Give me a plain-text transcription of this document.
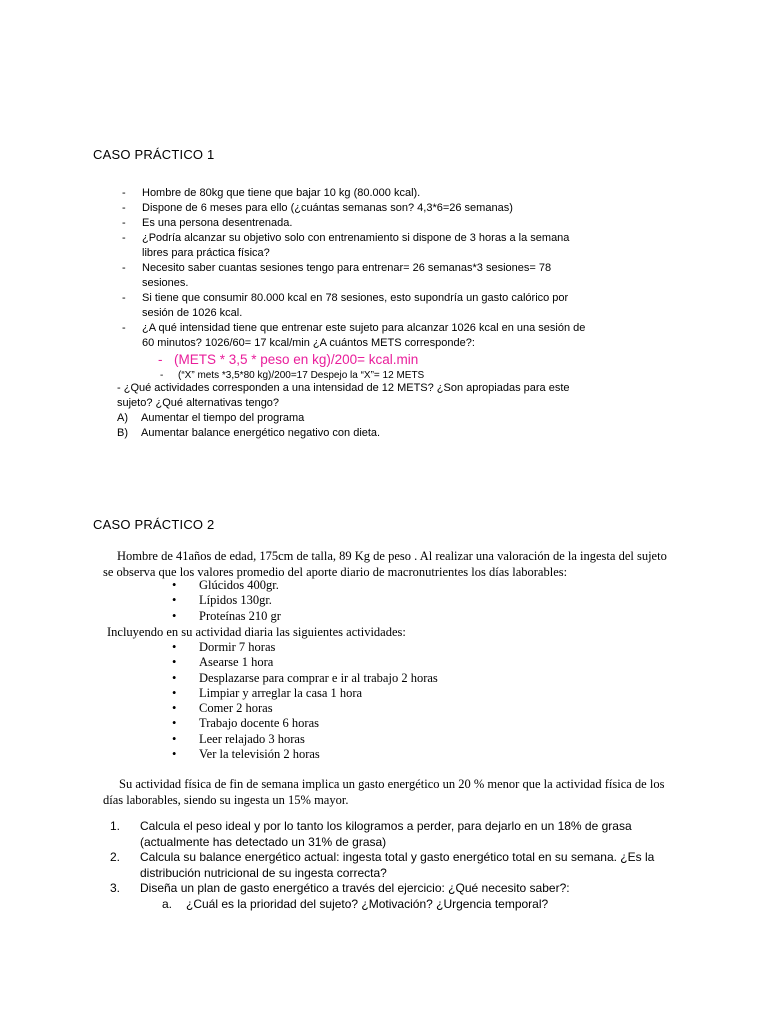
CASO PRÁCTICO 1
-	Hombre de 80kg que tiene que bajar 10 kg (80.000 kcal).
-	Dispone de 6 meses para ello (¿cuántas semanas son? 4,3*6=26 semanas)
-	Es una persona desentrenada.
-	¿Podría alcanzar su objetivo solo con entrenamiento si dispone de 3 horas a la semana libres para práctica física?
-	Necesito saber cuantas sesiones tengo para entrenar= 26 semanas*3 sesiones= 78 sesiones.
-	Si tiene que consumir 80.000 kcal en 78 sesiones, esto supondría un gasto calórico por sesión de 1026 kcal.
-	¿A qué intensidad tiene que entrenar este sujeto para alcanzar 1026 kcal en una sesión de 60 minutos? 1026/60= 17 kcal/min ¿A cuántos METS corresponde?:
- (METS * 3,5 * peso en kg)/200= kcal.min
-	(“X” mets *3,5*80 kg)/200=17 Despejo la “X”= 12 METS
- ¿Qué actividades corresponden a una intensidad de 12 METS? ¿Son apropiadas para este sujeto? ¿Qué alternativas tengo?
A)	Aumentar el tiempo del programa
B)	Aumentar balance energético negativo con dieta.
CASO PRÁCTICO 2
Hombre de 41años de edad, 175cm de talla, 89 Kg de peso . Al realizar una valoración de la ingesta del sujeto se observa que los valores promedio del aporte diario de macronutrientes los días laborables:
• Glúcidos 400gr.
• Lípidos 130gr.
• Proteínas 210 gr
Incluyendo en su actividad diaria las siguientes actividades:
• Dormir 7 horas
• Asearse 1 hora
• Desplazarse para comprar e ir al trabajo 2 horas
• Limpiar y arreglar la casa 1 hora
• Comer 2 horas
• Trabajo docente 6 horas
• Leer relajado 3 horas
• Ver la televisión 2 horas
Su actividad física de fin de semana implica un gasto energético un 20 % menor que la actividad física de los días laborables, siendo su ingesta un 15% mayor.
1.	Calcula el peso ideal y por lo tanto los kilogramos a perder, para dejarlo en un 18% de grasa (actualmente has detectado un 31% de grasa)
2.	Calcula su balance energético actual: ingesta total y gasto energético total en su semana. ¿Es la distribución nutricional de su ingesta correcta?
3.	Diseña un plan de gasto energético a través del ejercicio: ¿Qué necesito saber?:
a.	¿Cuál es la prioridad del sujeto? ¿Motivación? ¿Urgencia temporal?
